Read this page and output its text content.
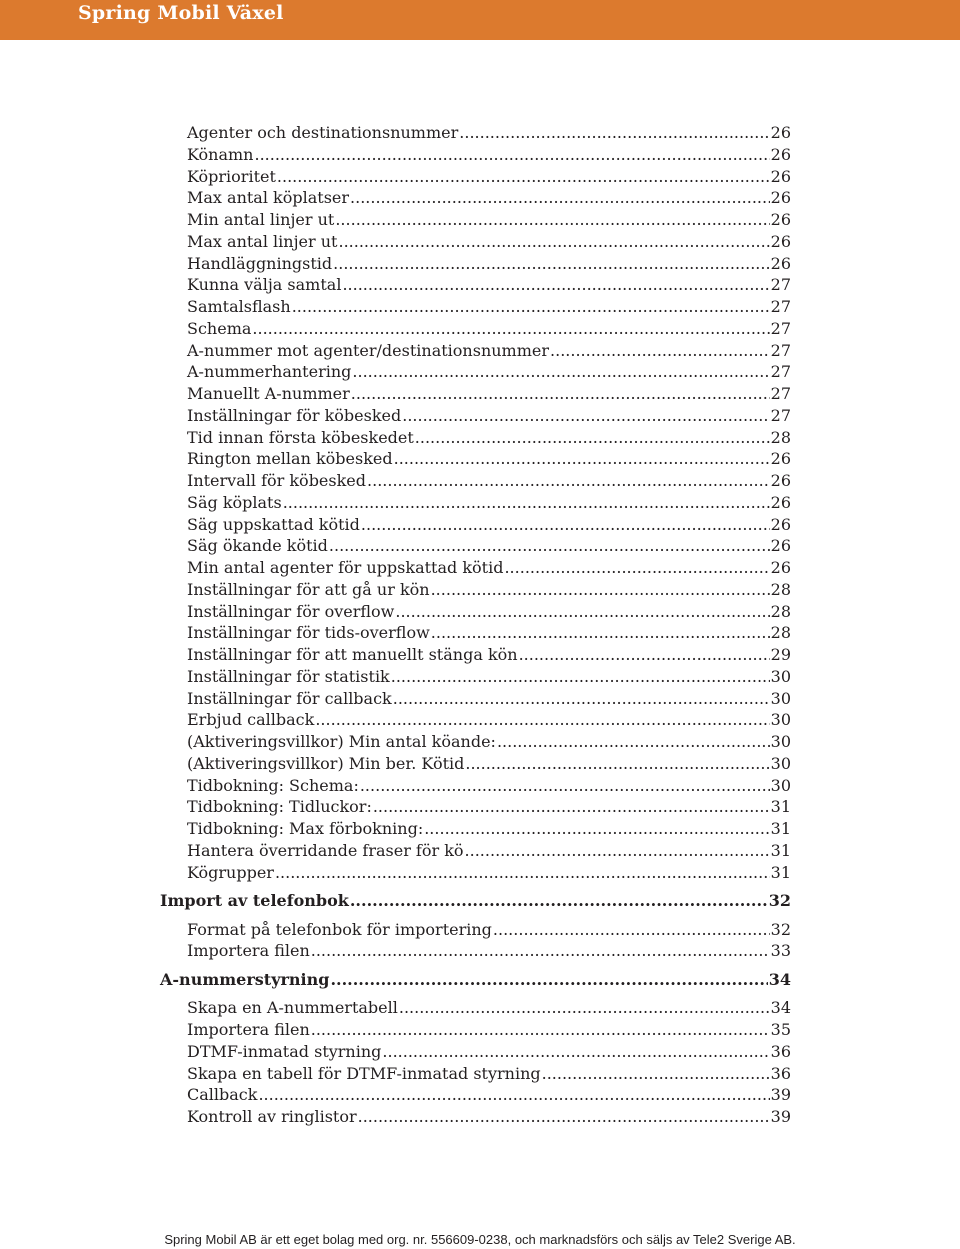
Spring Mobil Växel
Agenter och destinationsnummer .....	26
Könamn .....	26
Köprioritet .....	26
Max antal köplatser .....	26
Min antal linjer ut .....	26
Max antal linjer ut .....	26
Handläggningstid .....	26
Kunna välja samtal .....	27
Samtalsflash .....	27
Schema .....	27
A-nummer mot agenter/destinationsnummer .....	27
A-nummerhantering .....	27
Manuellt A-nummer .....	27
Inställningar för köbesked .....	27
Tid innan första köbeskedet .....	28
Rington mellan köbesked .....	26
Intervall för köbesked .....	26
Säg köplats .....	26
Säg uppskattad kötid .....	26
Säg ökande kötid .....	26
Min antal agenter för uppskattad kötid .....	26
Inställningar för att gå ur kön .....	28
Inställningar för overflow .....	28
Inställningar för tids-overflow .....	28
Inställningar för att manuellt stänga kön .....	29
Inställningar för statistik .....	30
Inställningar för callback .....	30
Erbjud callback .....	30
(Aktiveringsvillkor) Min antal köande: .....	30
(Aktiveringsvillkor) Min ber. Kötid .....	30
Tidbokning: Schema: .....	30
Tidbokning: Tidluckor: .....	31
Tidbokning: Max förbokning: .....	31
Hantera överridande fraser för kö .....	31
Kögrupper .....	31
Import av telefonbok .....	32
Format på telefonbok för importering .....	32
Importera filen .....	33
A-nummerstyrning .....	34
Skapa en A-nummertabell .....	34
Importera filen .....	35
DTMF-inmatad styrning .....	36
Skapa en tabell för DTMF-inmatad styrning .....	36
Callback .....	39
Kontroll av ringlistor .....	39
Spring Mobil AB är ett eget bolag med org. nr. 556609-0238, och marknadsförs och säljs av Tele2 Sverige AB.
